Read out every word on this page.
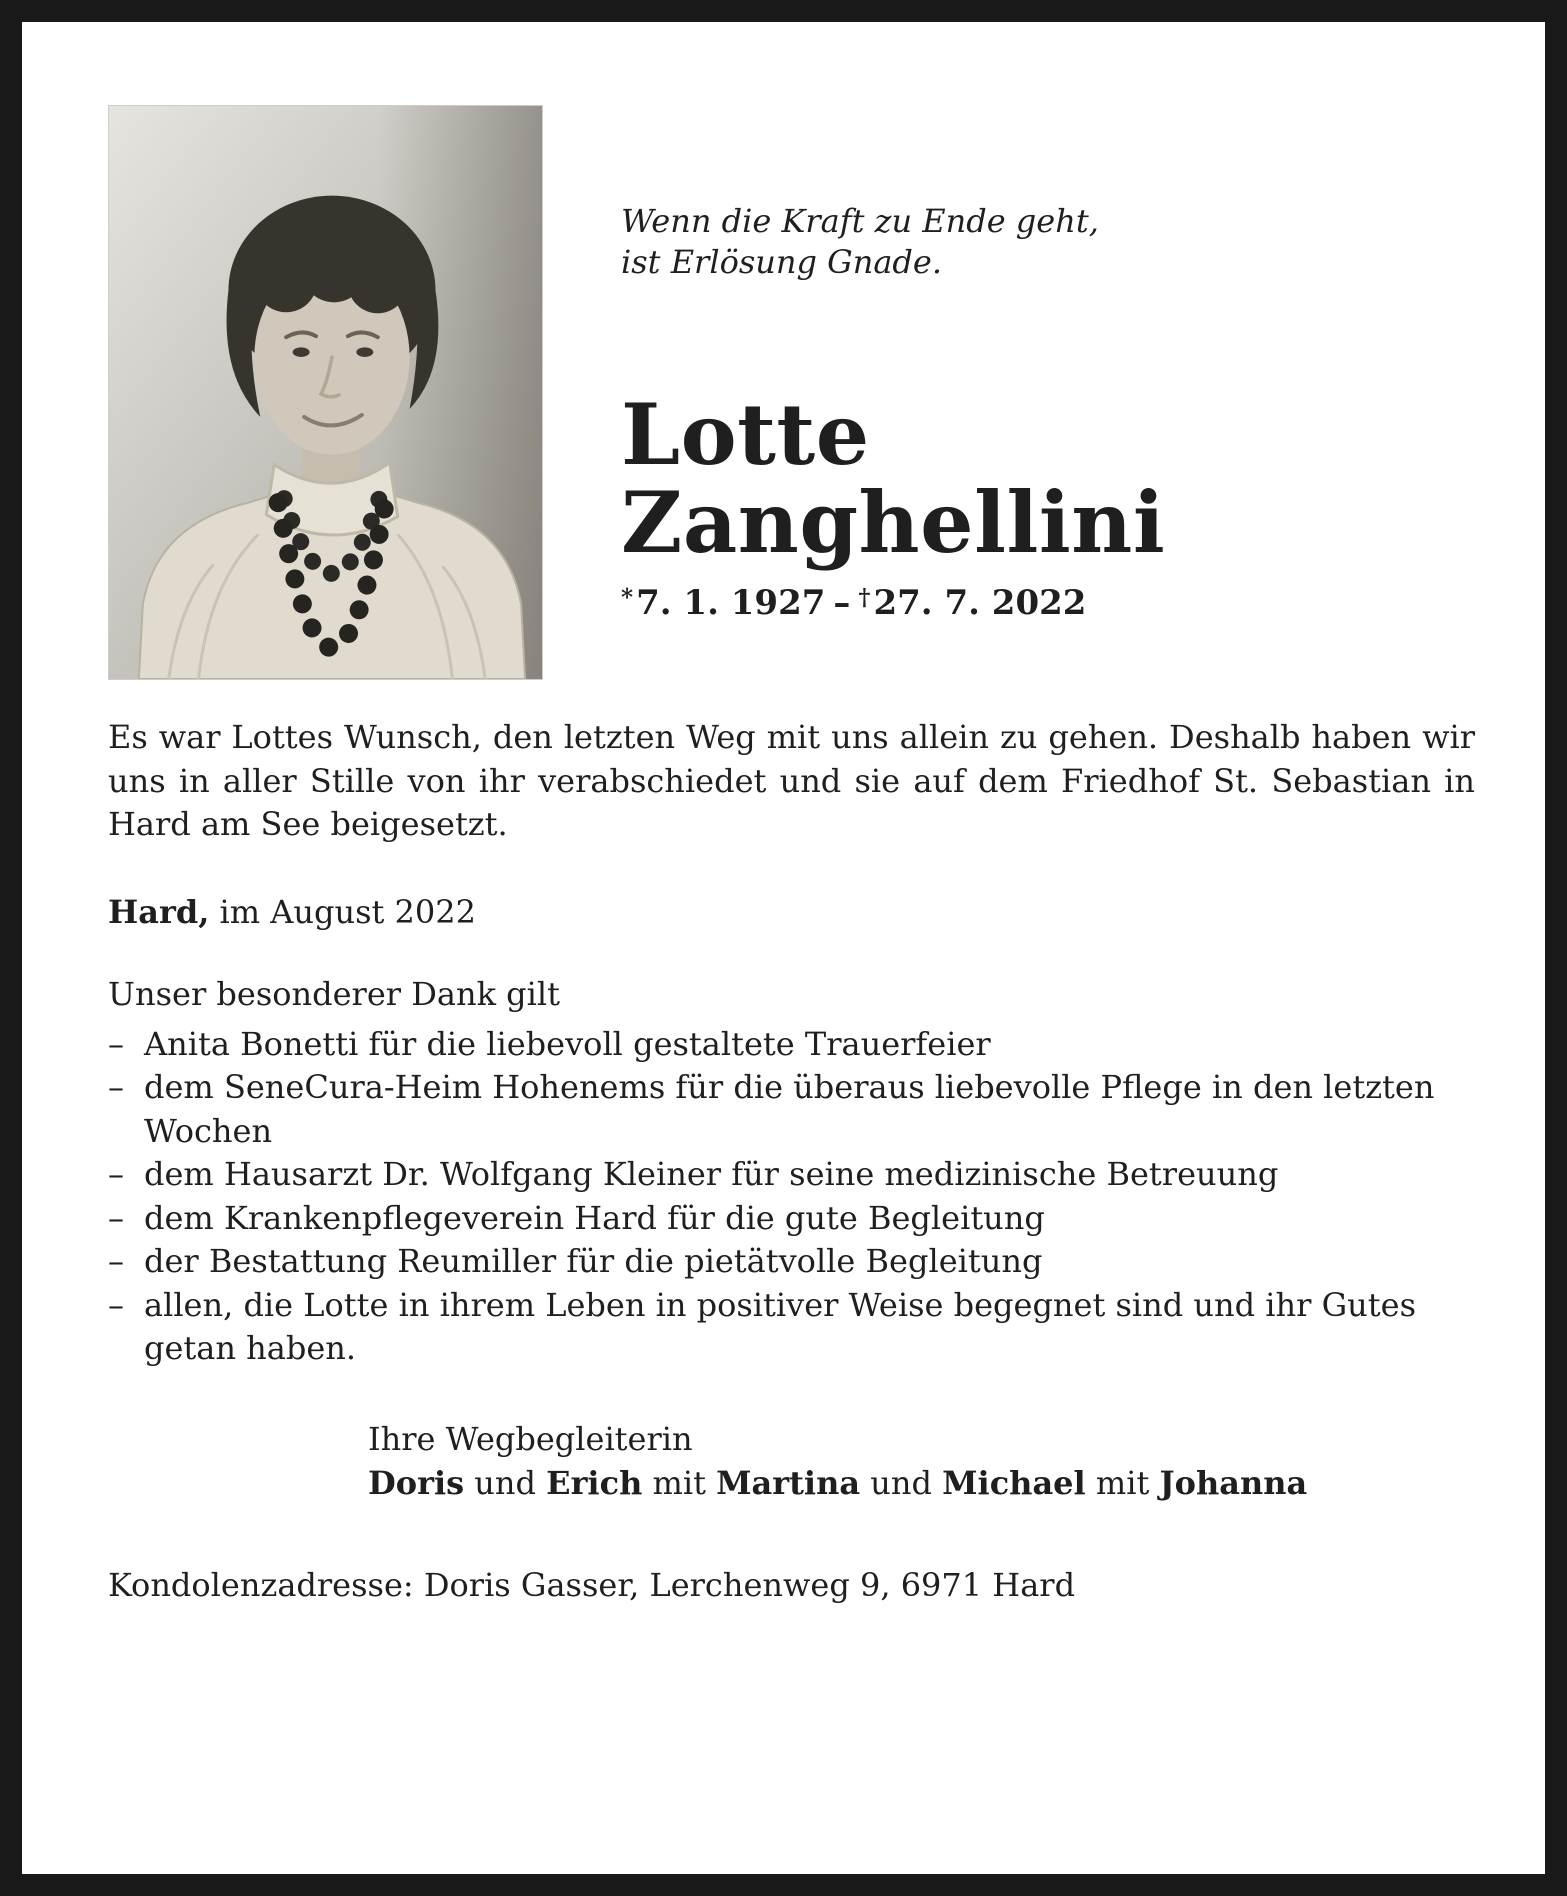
Wenn die Kraft zu Ende geht,
ist Erlösung Gnade.
Lotte
Zanghellini

*7. 1. 1927 – †27. 7. 2022

Es war Lottes Wunsch, den letzten Weg mit uns allein zu gehen. Deshalb haben wir uns in aller Stille von ihr verabschiedet und sie auf dem Friedhof St. Sebastian in Hard am See beigesetzt.

Hard, im August 2022

Unser besonderer Dank gilt

– Anita Bonetti für die liebevoll gestaltete Trauerfeier
– dem SeneCura-Heim Hohenems für die überaus liebevolle Pflege in den letzten Wochen
– dem Hausarzt Dr. Wolfgang Kleiner für seine medizinische Betreuung
– dem Krankenpflegeverein Hard für die gute Begleitung
– der Bestattung Reumiller für die pietätvolle Begleitung
– allen, die Lotte in ihrem Leben in positiver Weise begegnet sind und ihr Gutes getan haben.

Ihre Wegbegleiterin

Doris und Erich mit Martina und Michael mit Johanna

Kondolenzadresse: Doris Gasser, Lerchenweg 9, 6971 Hard
